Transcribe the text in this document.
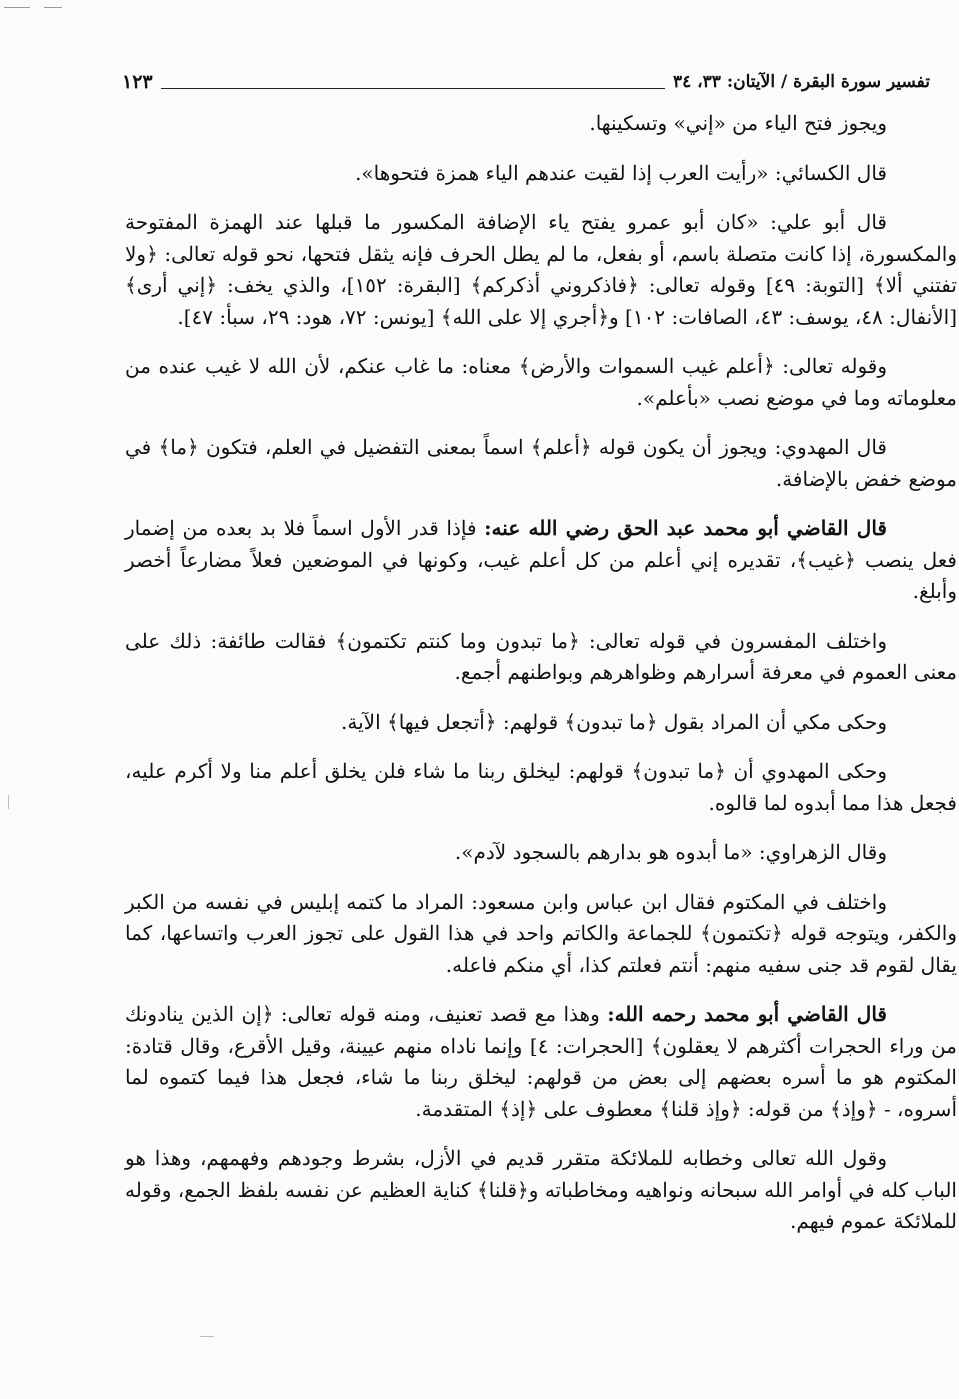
تفسير سورة البقرة / الآيتان: ٣٣، ٣٤
١٢٣

ويجوز فتح الياء من «إني» وتسكينها.

قال الكسائي: «رأيت العرب إذا لقيت عندهم الياء همزة فتحوها».

قال أبو علي: «كان أبو عمرو يفتح ياء الإضافة المكسور ما قبلها عند الهمزة المفتوحة والمكسورة، إذا كانت متصلة باسم، أو بفعل، ما لم يطل الحرف فإنه يثقل فتحها، نحو قوله تعالى: ﴿ولا تفتني ألا﴾ [التوبة: ٤٩] وقوله تعالى: ﴿فاذكروني أذكركم﴾ [البقرة: ١٥٢]، والذي يخف: ﴿إني أرى﴾ [الأنفال: ٤٨، يوسف: ٤٣، الصافات: ١٠٢] و﴿أجري إلا على الله﴾ [يونس: ٧٢، هود: ٢٩، سبأ: ٤٧].

وقوله تعالى: ﴿أعلم غيب السموات والأرض﴾ معناه: ما غاب عنكم، لأن الله لا غيب عنده من معلوماته وما في موضع نصب «بأعلم».

قال المهدوي: ويجوز أن يكون قوله ﴿أعلم﴾ اسماً بمعنى التفضيل في العلم، فتكون ﴿ما﴾ في موضع خفض بالإضافة.

قال القاضي أبو محمد عبد الحق رضي الله عنه: فإذا قدر الأول اسماً فلا بد بعده من إضمار فعل ينصب ﴿غيب﴾، تقديره إني أعلم من كل أعلم غيب، وكونها في الموضعين فعلاً مضارعاً أخصر وأبلغ.

واختلف المفسرون في قوله تعالى: ﴿ما تبدون وما كنتم تكتمون﴾ فقالت طائفة: ذلك على معنى العموم في معرفة أسرارهم وظواهرهم وبواطنهم أجمع.

وحكى مكي أن المراد بقول ﴿ما تبدون﴾ قولهم: ﴿أتجعل فيها﴾ الآية.

وحكى المهدوي أن ﴿ما تبدون﴾ قولهم: ليخلق ربنا ما شاء فلن يخلق أعلم منا ولا أكرم عليه، فجعل هذا مما أبدوه لما قالوه.

وقال الزهراوي: «ما أبدوه هو بدارهم بالسجود لآدم».

واختلف في المكتوم فقال ابن عباس وابن مسعود: المراد ما كتمه إبليس في نفسه من الكبر والكفر، ويتوجه قوله ﴿تكتمون﴾ للجماعة والكاتم واحد في هذا القول على تجوز العرب واتساعها، كما يقال لقوم قد جنى سفيه منهم: أنتم فعلتم كذا، أي منكم فاعله.

قال القاضي أبو محمد رحمه الله: وهذا مع قصد تعنيف، ومنه قوله تعالى: ﴿إن الذين ينادونك من وراء الحجرات أكثرهم لا يعقلون﴾ [الحجرات: ٤] وإنما ناداه منهم عيينة، وقيل الأقرع، وقال قتادة: المكتوم هو ما أسره بعضهم إلى بعض من قولهم: ليخلق ربنا ما شاء، فجعل هذا فيما كتموه لما أسروه، - ﴿وإذ﴾ من قوله: ﴿وإذ قلنا﴾ معطوف على ﴿إذ﴾ المتقدمة.

وقول الله تعالى وخطابه للملائكة متقرر قديم في الأزل، بشرط وجودهم وفهمهم، وهذا هو الباب كله في أوامر الله سبحانه ونواهيه ومخاطباته و﴿قلنا﴾ كناية العظيم عن نفسه بلفظ الجمع، وقوله للملائكة عموم فيهم.
